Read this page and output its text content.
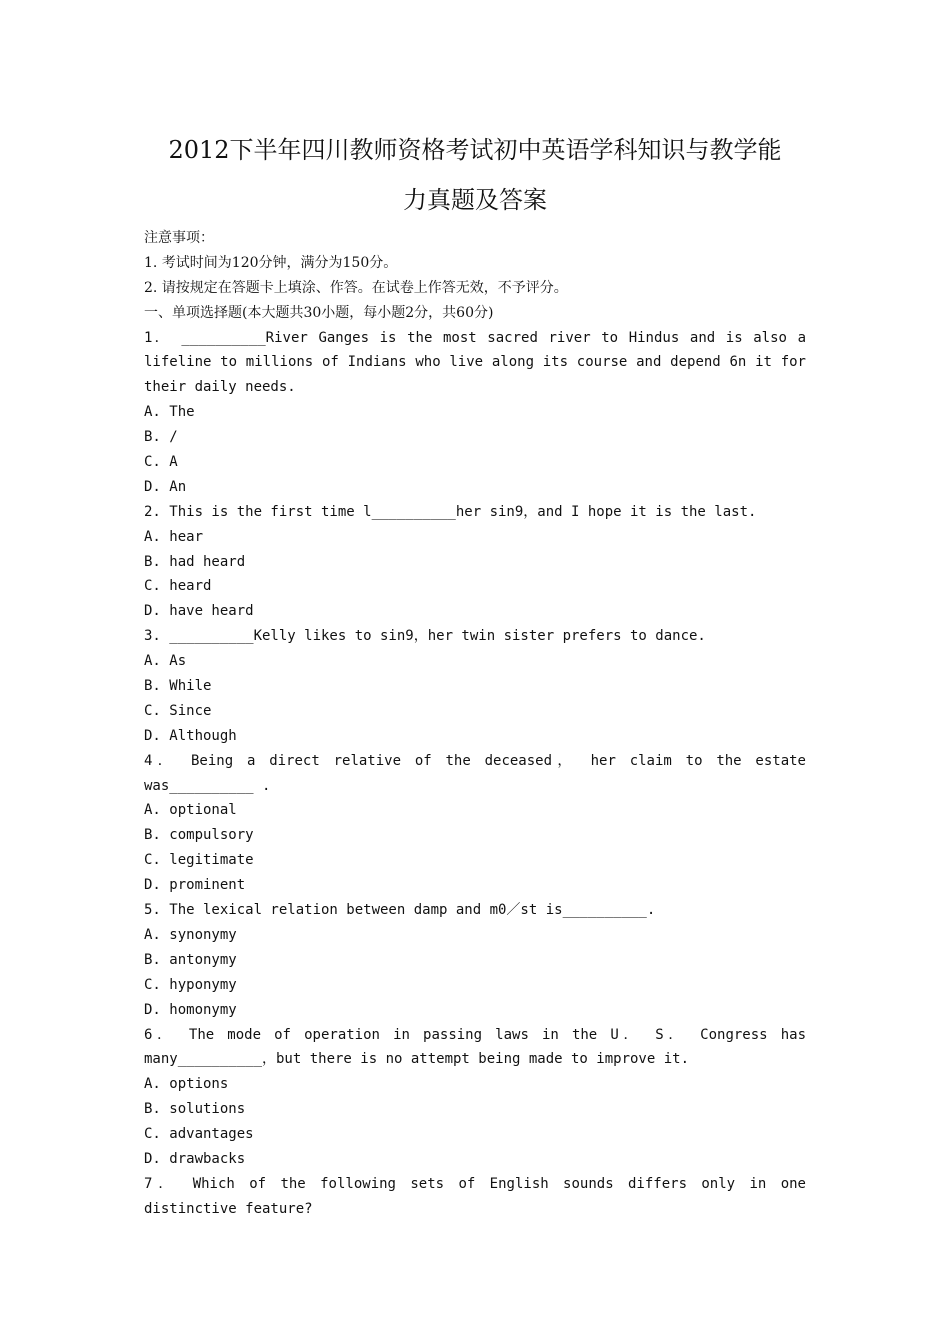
2012下半年四川教师资格考试初中英语学科知识与教学能
力真题及答案
注意事项：
1. 考试时间为120分钟，满分为150分。
2. 请按规定在答题卡上填涂、作答。在试卷上作答无效，不予评分。
一、单项选择题(本大题共30小题，每小题2分，共60分)
1． __________River Ganges is the most sacred river to Hindus and is also a
lifeline to millions of Indians who live along its course and depend 6n it for
their daily needs.
A. The
B. /
C. A
D. An
2. This is the first time l__________her sin9，and I hope it is the last.
A. hear
B. had heard
C. heard
D. have heard
3. __________Kelly likes to sin9，her twin sister prefers to dance.
A. As
B. While
C. Since
D. Although
4． Being a direct relative of the deceased， her claim to the estate
was__________ .
A. optional
B. compulsory
C. legitimate
D. prominent
5. The lexical relation between damp and m0／st is__________.
A. synonymy
B. antonymy
C. hyponymy
D. homonymy
6． The mode of operation in passing laws in the U． S． Congress has
many__________，but there is no attempt being made to improve it.
A. options
B. solutions
C. advantages
D. drawbacks
7． Which of the following sets of English sounds differs only in one
distinctive feature?
